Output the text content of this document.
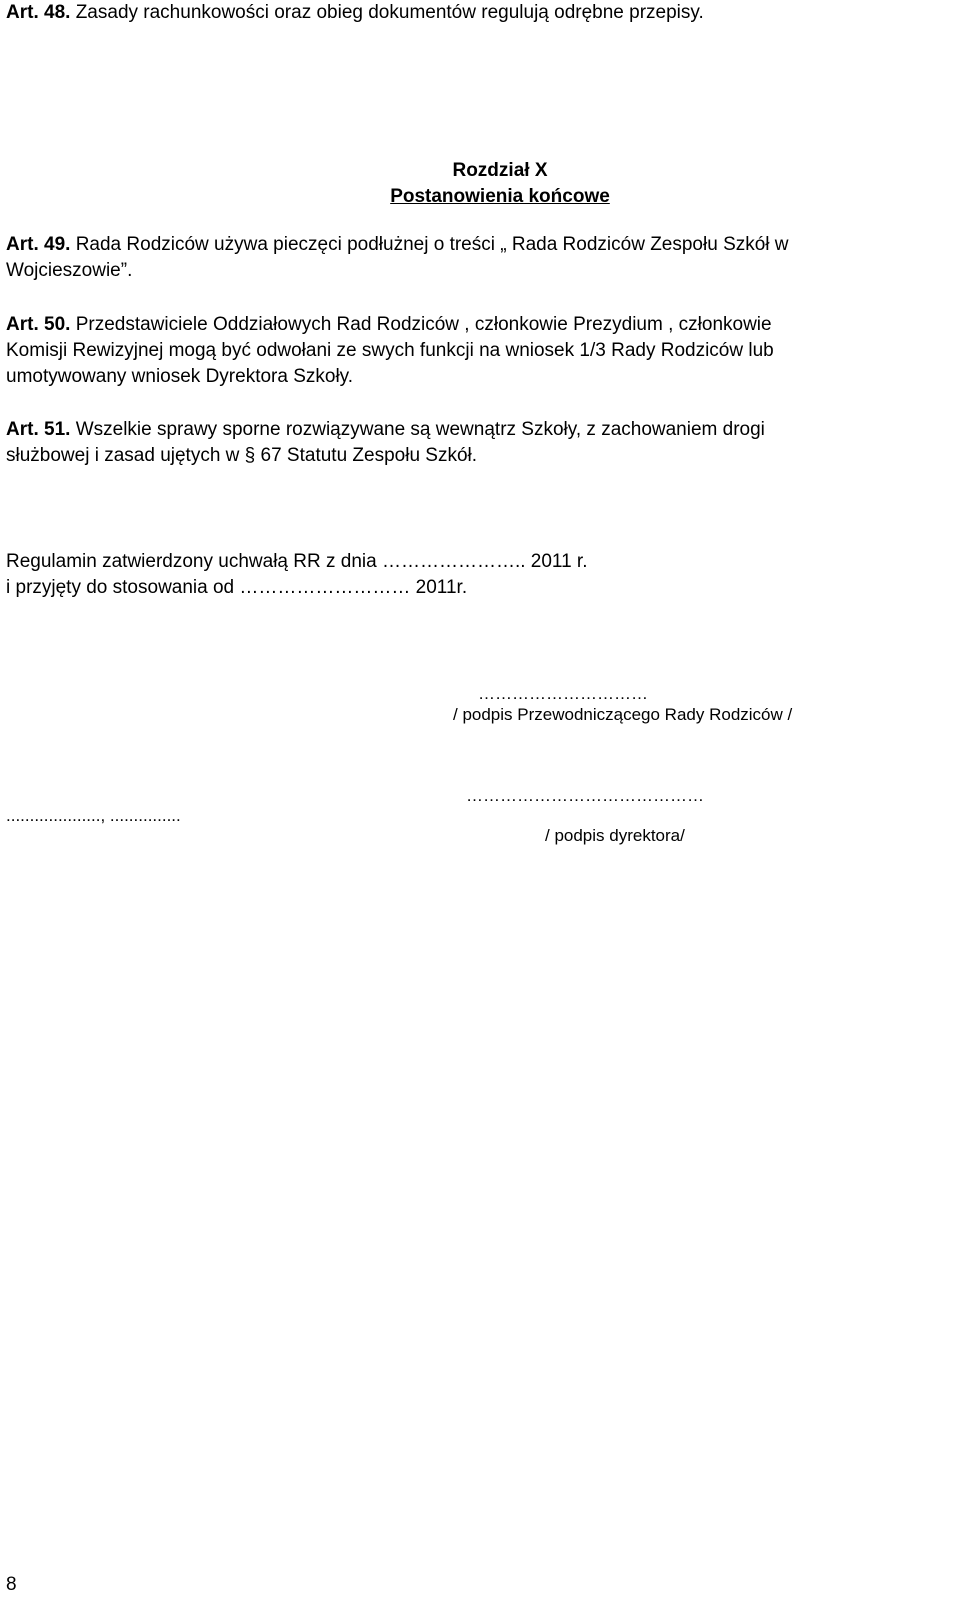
Art. 48. Zasady rachunkowości oraz obieg dokumentów regulują odrębne przepisy.
Rozdział X
Postanowienia końcowe
Art. 49. Rada Rodziców używa pieczęci podłużnej o treści „ Rada Rodziców Zespołu Szkół w
Wojcieszowie”.
Art. 50. Przedstawiciele Oddziałowych Rad Rodziców , członkowie Prezydium , członkowie
Komisji Rewizyjnej mogą być odwołani ze swych funkcji na wniosek 1/3 Rady Rodziców lub
umotywowany wniosek Dyrektora Szkoły.
Art. 51. Wszelkie sprawy sporne rozwiązywane są wewnątrz Szkoły, z zachowaniem drogi
służbowej i zasad ujętych w § 67 Statutu Zespołu Szkół.
Regulamin zatwierdzony uchwałą RR z dnia ………………….. 2011 r.
i przyjęty do stosowania od ……………………… 2011r.
…………………………
/ podpis Przewodniczącego Rady Rodziców /
……………………………………
...................., ...............
/ podpis dyrektora/
8
